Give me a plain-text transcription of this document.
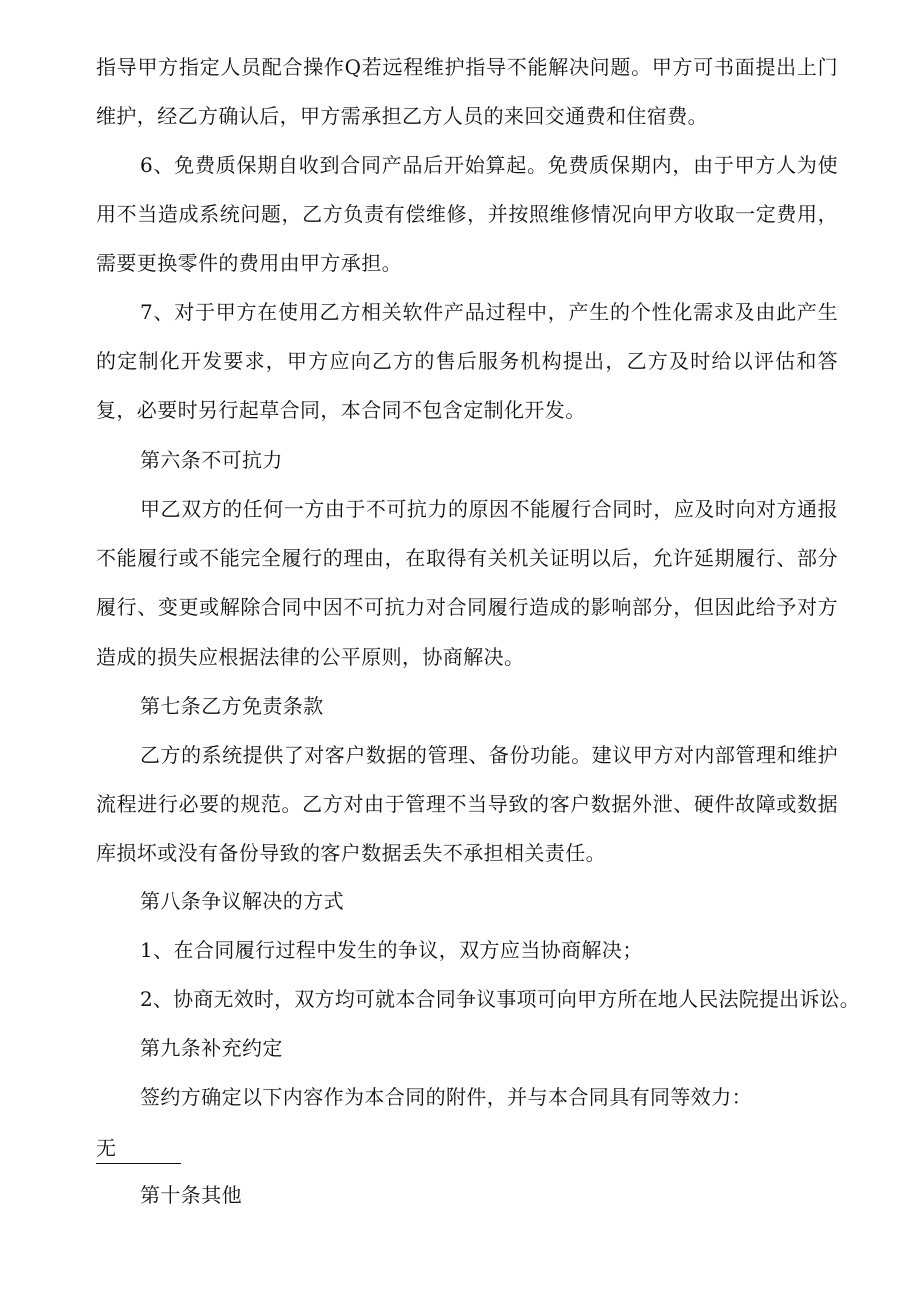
指导甲方指定人员配合操作Q若远程维护指导不能解决问题。甲方可书面提出上门维护，经乙方确认后，甲方需承担乙方人员的来回交通费和住宿费。

6、免费质保期自收到合同产品后开始算起。免费质保期内，由于甲方人为使用不当造成系统问题，乙方负责有偿维修，并按照维修情况向甲方收取一定费用，需要更换零件的费用由甲方承担。

7、对于甲方在使用乙方相关软件产品过程中，产生的个性化需求及由此产生的定制化开发要求，甲方应向乙方的售后服务机构提出，乙方及时给以评估和答复，必要时另行起草合同，本合同不包含定制化开发。

第六条不可抗力

甲乙双方的任何一方由于不可抗力的原因不能履行合同时，应及时向对方通报不能履行或不能完全履行的理由，在取得有关机关证明以后，允许延期履行、部分履行、变更或解除合同中因不可抗力对合同履行造成的影响部分，但因此给予对方造成的损失应根据法律的公平原则，协商解决。

第七条乙方免责条款

乙方的系统提供了对客户数据的管理、备份功能。建议甲方对内部管理和维护流程进行必要的规范。乙方对由于管理不当导致的客户数据外泄、硬件故障或数据库损坏或没有备份导致的客户数据丢失不承担相关责任。

第八条争议解决的方式

1、在合同履行过程中发生的争议，双方应当协商解决；

2、协商无效时，双方均可就本合同争议事项可向甲方所在地人民法院提出诉讼。

第九条补充约定

签约方确定以下内容作为本合同的附件，并与本合同具有同等效力：

无

第十条其他
